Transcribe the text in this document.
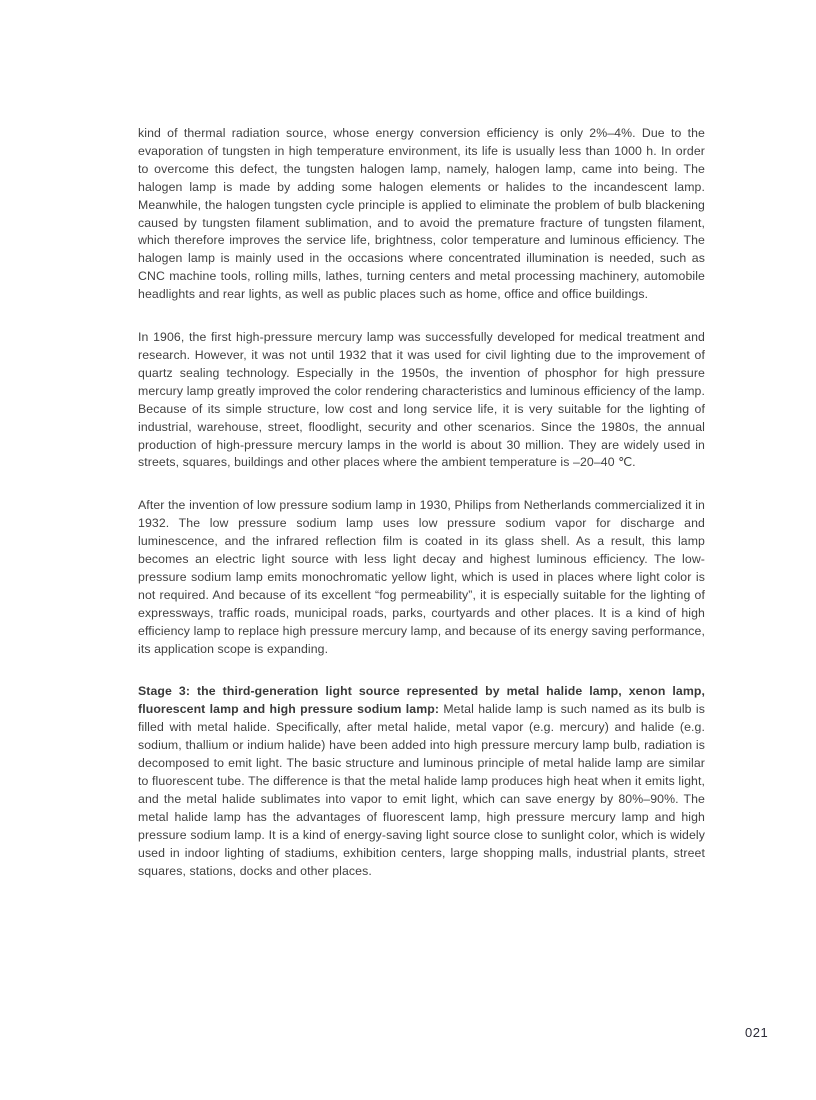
kind of thermal radiation source, whose energy conversion efficiency is only 2%–4%. Due to the evaporation of tungsten in high temperature environment, its life is usually less than 1000 h. In order to overcome this defect, the tungsten halogen lamp, namely, halogen lamp, came into being. The halogen lamp is made by adding some halogen elements or halides to the incandescent lamp. Meanwhile, the halogen tungsten cycle principle is applied to eliminate the problem of bulb blackening caused by tungsten filament sublimation, and to avoid the premature fracture of tungsten filament, which therefore improves the service life, brightness, color temperature and luminous efficiency. The halogen lamp is mainly used in the occasions where concentrated illumination is needed, such as CNC machine tools, rolling mills, lathes, turning centers and metal processing machinery, automobile headlights and rear lights, as well as public places such as home, office and office buildings.

In 1906, the first high-pressure mercury lamp was successfully developed for medical treatment and research. However, it was not until 1932 that it was used for civil lighting due to the improvement of quartz sealing technology. Especially in the 1950s, the invention of phosphor for high pressure mercury lamp greatly improved the color rendering characteristics and luminous efficiency of the lamp. Because of its simple structure, low cost and long service life, it is very suitable for the lighting of industrial, warehouse, street, floodlight, security and other scenarios. Since the 1980s, the annual production of high-pressure mercury lamps in the world is about 30 million. They are widely used in streets, squares, buildings and other places where the ambient temperature is –20–40 ℃.

After the invention of low pressure sodium lamp in 1930, Philips from Netherlands commercialized it in 1932. The low pressure sodium lamp uses low pressure sodium vapor for discharge and luminescence, and the infrared reflection film is coated in its glass shell. As a result, this lamp becomes an electric light source with less light decay and highest luminous efficiency. The low-pressure sodium lamp emits monochromatic yellow light, which is used in places where light color is not required. And because of its excellent “fog permeability”, it is especially suitable for the lighting of expressways, traffic roads, municipal roads, parks, courtyards and other places. It is a kind of high efficiency lamp to replace high pressure mercury lamp, and because of its energy saving performance, its application scope is expanding.

Stage 3: the third-generation light source represented by metal halide lamp, xenon lamp, fluorescent lamp and high pressure sodium lamp: Metal halide lamp is such named as its bulb is filled with metal halide. Specifically, after metal halide, metal vapor (e.g. mercury) and halide (e.g. sodium, thallium or indium halide) have been added into high pressure mercury lamp bulb, radiation is decomposed to emit light. The basic structure and luminous principle of metal halide lamp are similar to fluorescent tube. The difference is that the metal halide lamp produces high heat when it emits light, and the metal halide sublimates into vapor to emit light, which can save energy by 80%–90%. The metal halide lamp has the advantages of fluorescent lamp, high pressure mercury lamp and high pressure sodium lamp. It is a kind of energy-saving light source close to sunlight color, which is widely used in indoor lighting of stadiums, exhibition centers, large shopping malls, industrial plants, street squares, stations, docks and other places.

021
